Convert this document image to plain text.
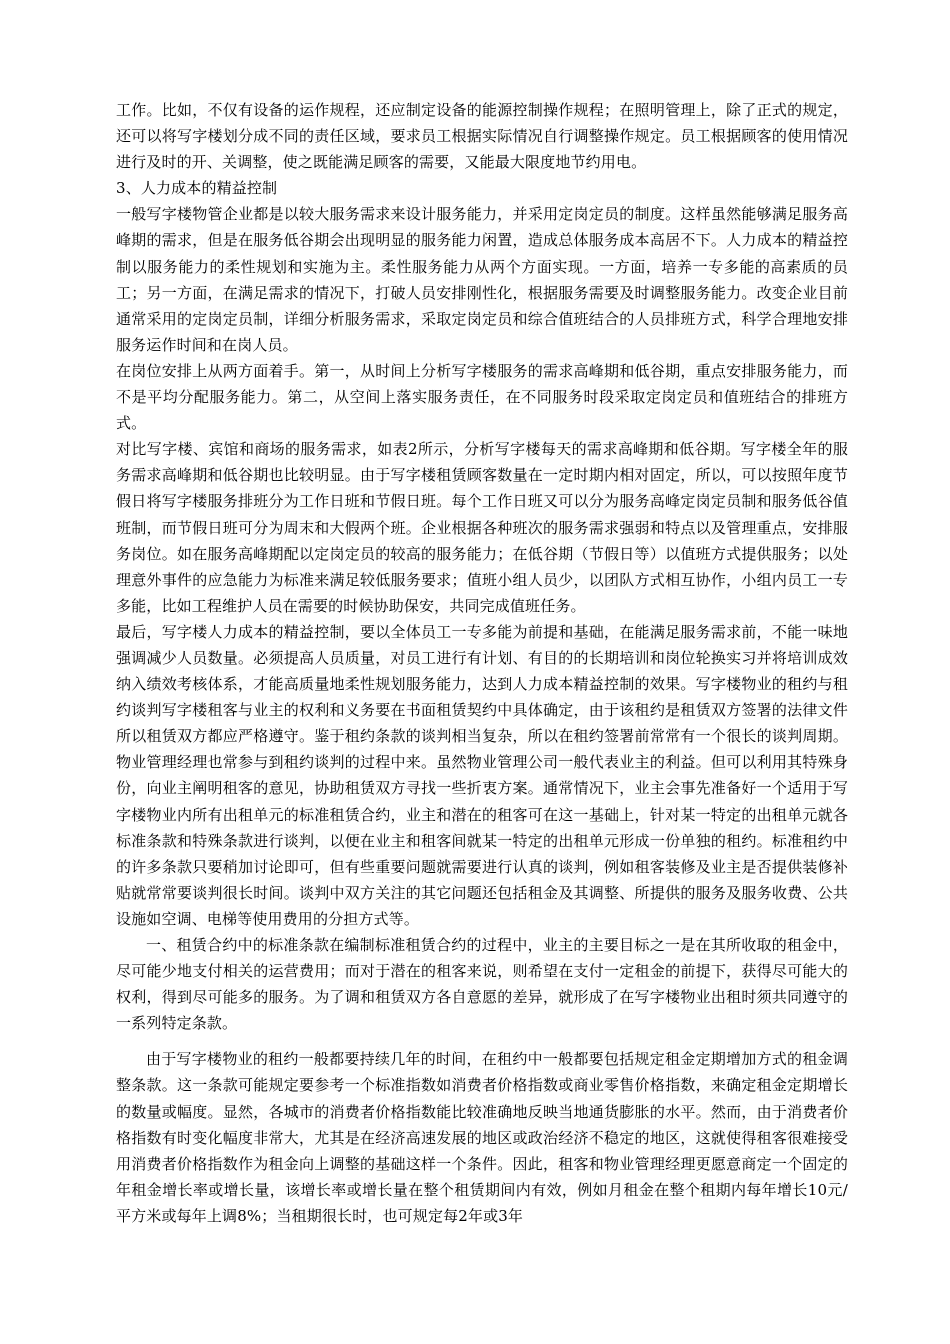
工作。比如，不仅有设备的运作规程，还应制定设备的能源控制操作规程；在照明管理上，除了正式的规定，还可以将写字楼划分成不同的责任区域，要求员工根据实际情况自行调整操作规定。员工根据顾客的使用情况进行及时的开、关调整，使之既能满足顾客的需要，又能最大限度地节约用电。

3、人力成本的精益控制

一般写字楼物管企业都是以较大服务需求来设计服务能力，并采用定岗定员的制度。这样虽然能够满足服务高峰期的需求，但是在服务低谷期会出现明显的服务能力闲置，造成总体服务成本高居不下。人力成本的精益控制以服务能力的柔性规划和实施为主。柔性服务能力从两个方面实现。一方面，培养一专多能的高素质的员工；另一方面，在满足需求的情况下，打破人员安排刚性化，根据服务需要及时调整服务能力。改变企业目前通常采用的定岗定员制，详细分析服务需求，采取定岗定员和综合值班结合的人员排班方式，科学合理地安排服务运作时间和在岗人员。

在岗位安排上从两方面着手。第一，从时间上分析写字楼服务的需求高峰期和低谷期，重点安排服务能力，而不是平均分配服务能力。第二，从空间上落实服务责任，在不同服务时段采取定岗定员和值班结合的排班方式。

对比写字楼、宾馆和商场的服务需求，如表2所示，分析写字楼每天的需求高峰期和低谷期。写字楼全年的服务需求高峰期和低谷期也比较明显。由于写字楼租赁顾客数量在一定时期内相对固定，所以，可以按照年度节假日将写字楼服务排班分为工作日班和节假日班。每个工作日班又可以分为服务高峰定岗定员制和服务低谷值班制，而节假日班可分为周末和大假两个班。企业根据各种班次的服务需求强弱和特点以及管理重点，安排服务岗位。如在服务高峰期配以定岗定员的较高的服务能力；在低谷期（节假日等）以值班方式提供服务；以处理意外事件的应急能力为标准来满足较低服务要求；值班小组人员少，以团队方式相互协作，小组内员工一专多能，比如工程维护人员在需要的时候协助保安，共同完成值班任务。

最后，写字楼人力成本的精益控制，要以全体员工一专多能为前提和基础，在能满足服务需求前，不能一味地强调减少人员数量。必须提高人员质量，对员工进行有计划、有目的的长期培训和岗位轮换实习并将培训成效纳入绩效考核体系，才能高质量地柔性规划服务能力，达到人力成本精益控制的效果。写字楼物业的租约与租约谈判写字楼租客与业主的权利和义务要在书面租赁契约中具体确定，由于该租约是租赁双方签署的法律文件所以租赁双方都应严格遵守。鉴于租约条款的谈判相当复杂，所以在租约签署前常常有一个很长的谈判周期。物业管理经理也常参与到租约谈判的过程中来。虽然物业管理公司一般代表业主的利益。但可以利用其特殊身份，向业主阐明租客的意见，协助租赁双方寻找一些折衷方案。通常情况下，业主会事先准备好一个适用于写字楼物业内所有出租单元的标准租赁合约，业主和潜在的租客可在这一基础上，针对某一特定的出租单元就各标准条款和特殊条款进行谈判，以便在业主和租客间就某一特定的出租单元形成一份单独的租约。标准租约中的许多条款只要稍加讨论即可，但有些重要问题就需要进行认真的谈判，例如租客装修及业主是否提供装修补贴就常常要谈判很长时间。谈判中双方关注的其它问题还包括租金及其调整、所提供的服务及服务收费、公共设施如空调、电梯等使用费用的分担方式等。

一、租赁合约中的标准条款在编制标准租赁合约的过程中，业主的主要目标之一是在其所收取的租金中，尽可能少地支付相关的运营费用；而对于潜在的租客来说，则希望在支付一定租金的前提下，获得尽可能大的权利，得到尽可能多的服务。为了调和租赁双方各自意愿的差异，就形成了在写字楼物业出租时须共同遵守的一系列特定条款。

由于写字楼物业的租约一般都要持续几年的时间，在租约中一般都要包括规定租金定期增加方式的租金调整条款。这一条款可能规定要参考一个标准指数如消费者价格指数或商业零售价格指数，来确定租金定期增长的数量或幅度。显然，各城市的消费者价格指数能比较准确地反映当地通货膨胀的水平。然而，由于消费者价格指数有时变化幅度非常大，尤其是在经济高速发展的地区或政治经济不稳定的地区，这就使得租客很难接受用消费者价格指数作为租金向上调整的基础这样一个条件。因此，租客和物业管理经理更愿意商定一个固定的年租金增长率或增长量，该增长率或增长量在整个租赁期间内有效，例如月租金在整个租期内每年增长10元/平方米或每年上调8%；当租期很长时，也可规定每2年或3年
